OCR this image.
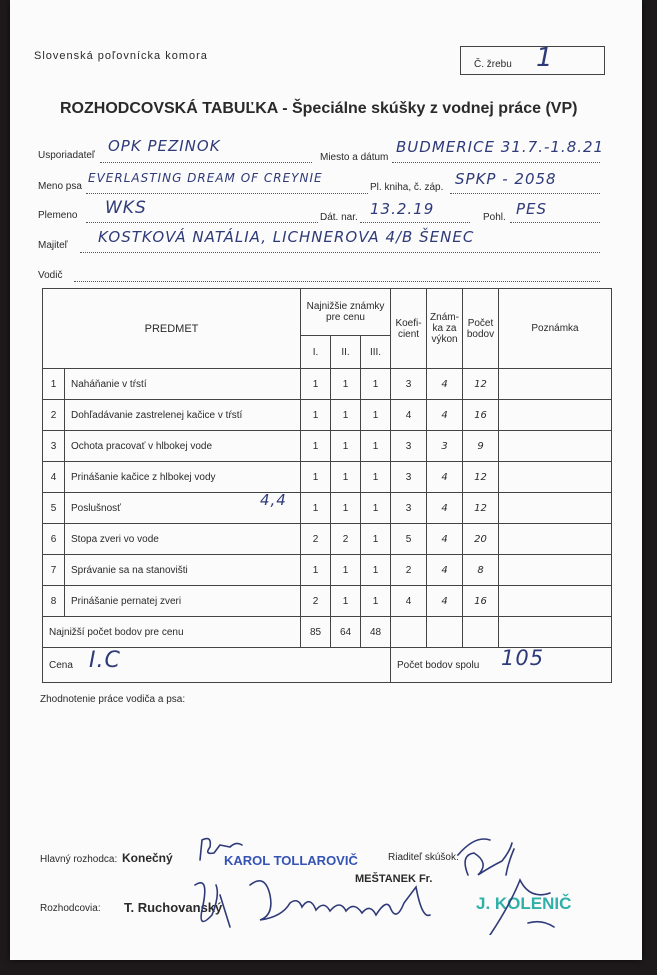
Slovenská poľovnícka komora
Č. žrebu 1
ROZHODCOVSKÁ TABUĽKA - Špeciálne skúšky z vodnej práce (VP)
Usporiadateľ
OPK PEZINOK
Miesto a dátum
BUDMERICE 31.7.-1.8.21
Meno psa
EVERLASTING DREAM OF CREYNIE
Pl. kniha, č. záp. SPKP - 2058
Plemeno WKS	Dát. nar. 13.2.19	Pohl. PES
Majiteľ KOSTKOVÁ NATÁLIA, LICHNEROVA 4/B ŠENEC
Vodič
PREDMET		Najnižšie známky pre cenu			Koefi- cient	Znám- ka za výkon	Počet bodov	Poznámka
		I.	II.	III.				
1	Naháňanie v tŕstí	1	1	1	3	4	12	
2	Dohľadávanie zastrelenej kačice v tŕstí	1	1	1	4	4	16	
3	Ochota pracovať v hlbokej vode	1	1	1	3	3	9	
4	Prinášanie kačice z hlbokej vody	1	1	1	3	4	12	
5	Poslušnosť	1	1	1	3	4	12	
6	Stopa zveri vo vode	2	2	1	5	4	20	
7	Správanie sa na stanovišti	1	1	1	2	4	8	
8	Prinášanie pernatej zveri	2	1	1	4	4	16	
Najnižší počet bodov pre cenu		85	64	48				
Cena I.C					Počet bodov spolu 105			
4,4
Zhodnotenie práce vodiča a psa:
Hlavný rozhodca: Konečný	KAROL TOLLAROVIČ	Riaditeľ skúšok:
MEŠTANEK Fr.
Rozhodcovia: T. Ruchovanský	J. KOLENIČ
